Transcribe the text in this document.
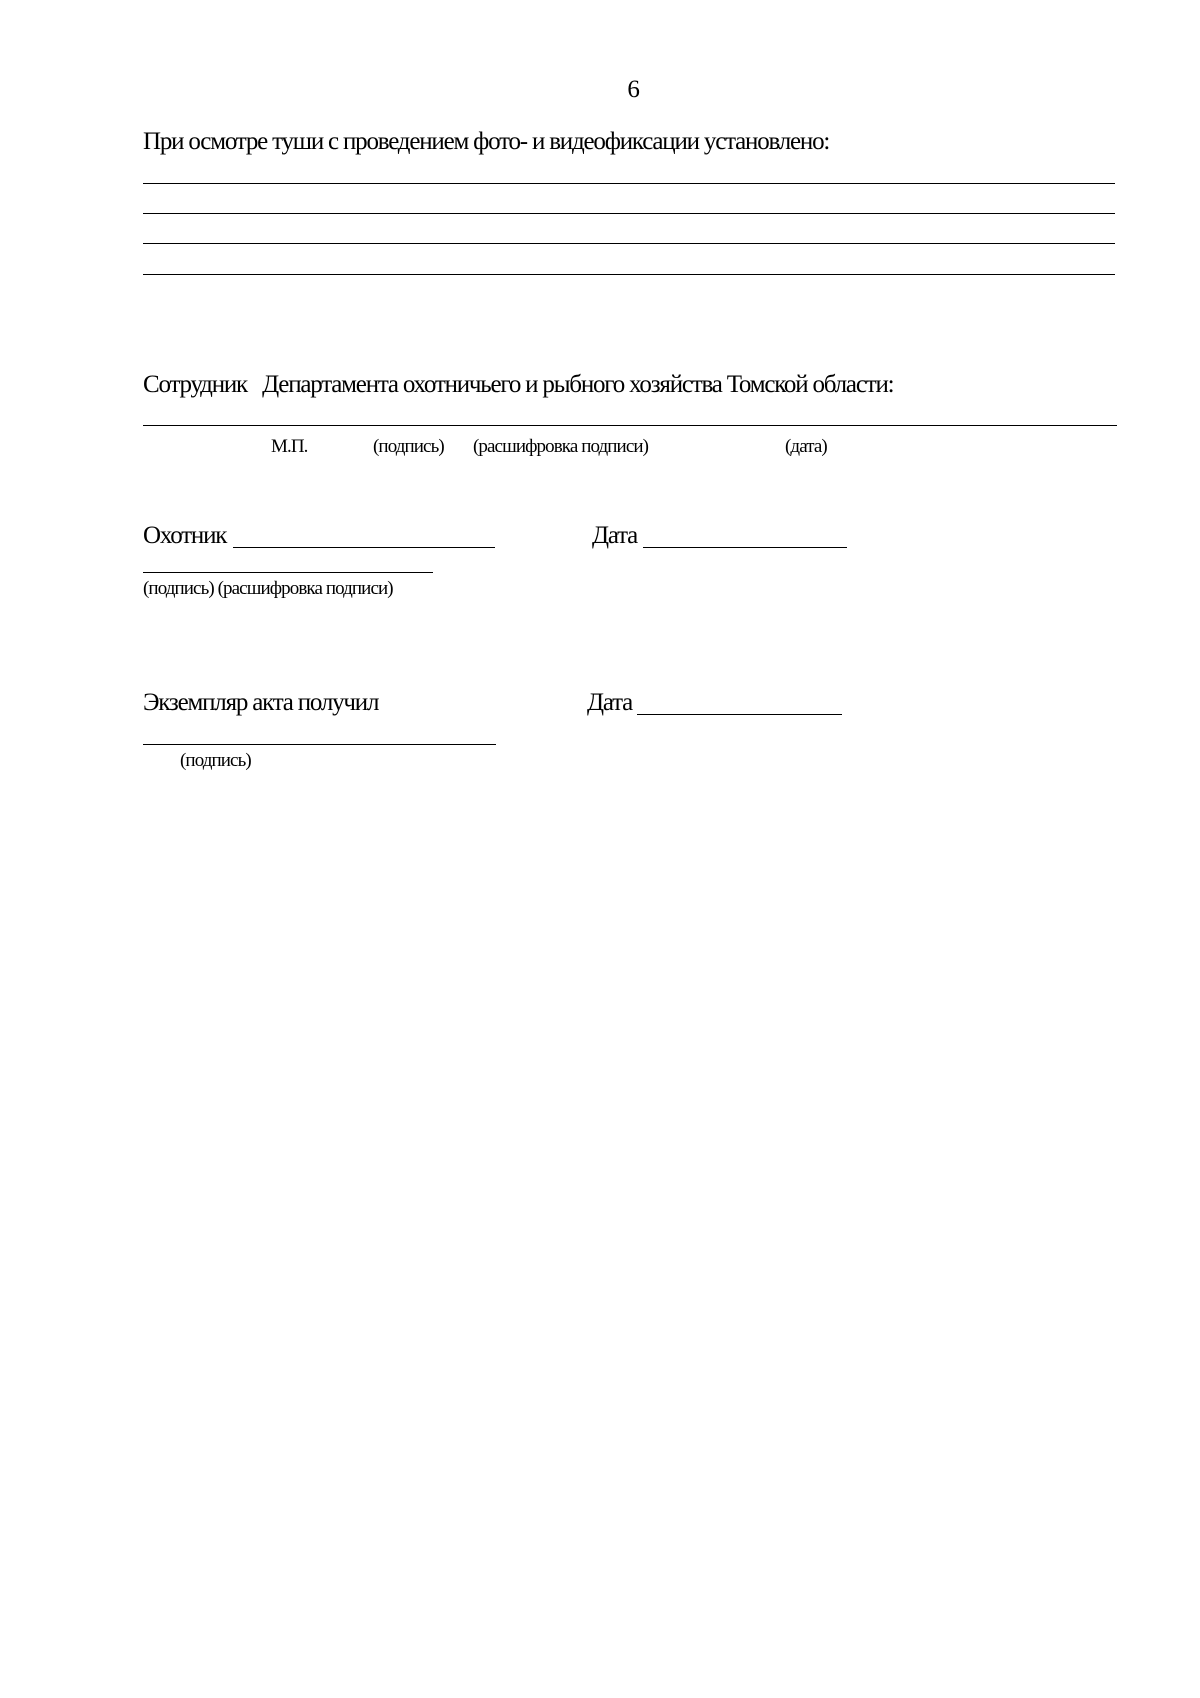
6
При осмотре туши с проведением фото- и видеофиксации установлено:
Сотрудник   Департамента охотничьего и рыбного хозяйства Томской области:
М.П.	(подпись) (расшифровка подписи)	(дата)
Охотник	Дата
(подпись) (расшифровка подписи)
Экземпляр акта получил	Дата
(подпись)
